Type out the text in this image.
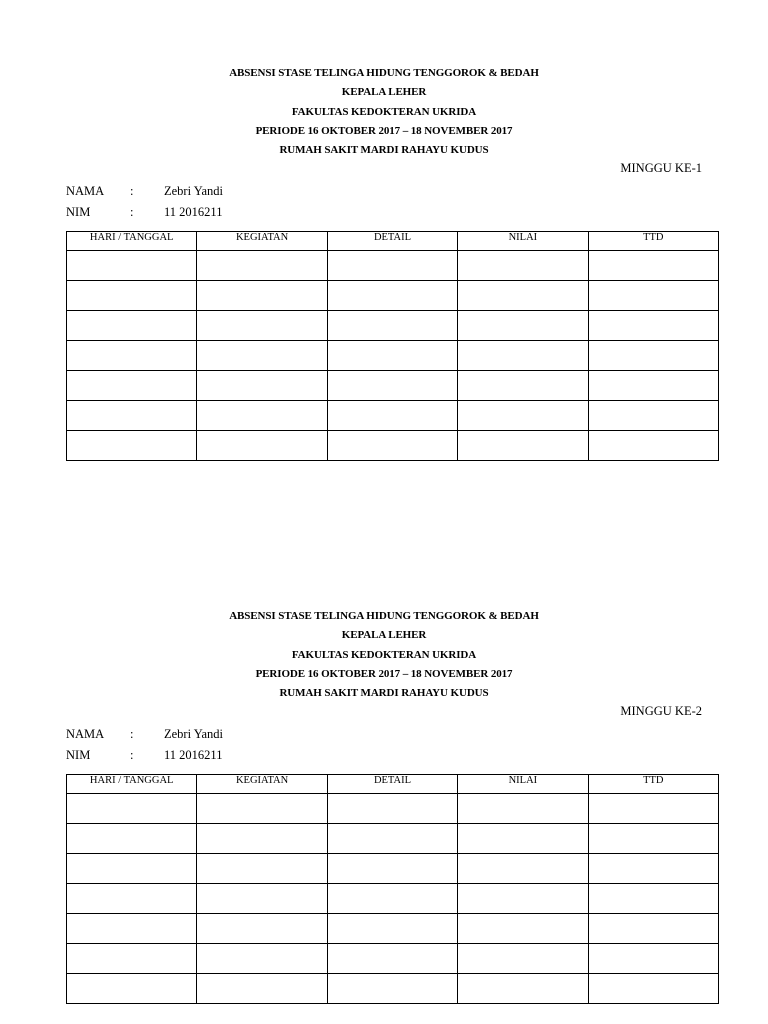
ABSENSI STASE TELINGA HIDUNG TENGGOROK & BEDAH
KEPALA LEHER
FAKULTAS KEDOKTERAN UKRIDA
PERIODE 16 OKTOBER 2017 – 18 NOVEMBER 2017
RUMAH SAKIT MARDI RAHAYU KUDUS
MINGGU KE-1
NAMA	:	Zebri Yandi
NIM	:	11 2016211
HARI / TANGGAL	KEGIATAN	DETAIL	NILAI	TTD

ABSENSI STASE TELINGA HIDUNG TENGGOROK & BEDAH
KEPALA LEHER
FAKULTAS KEDOKTERAN UKRIDA
PERIODE 16 OKTOBER 2017 – 18 NOVEMBER 2017
RUMAH SAKIT MARDI RAHAYU KUDUS
MINGGU KE-2
NAMA	:	Zebri Yandi
NIM	:	11 2016211
HARI / TANGGAL	KEGIATAN	DETAIL	NILAI	TTD
